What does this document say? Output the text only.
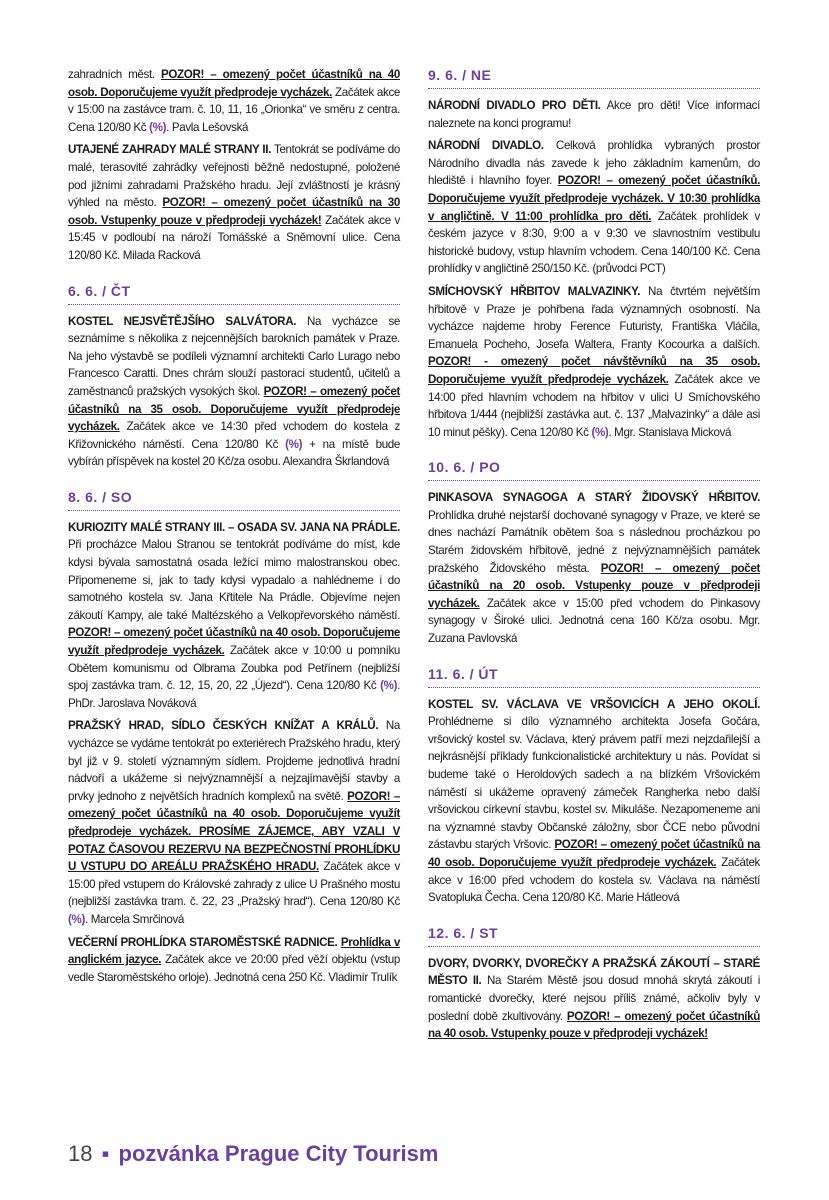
zahradních měst. POZOR! – omezený počet účastníků na 40 osob. Doporučujeme využít předprodeje vycházek. Začátek akce v 15:00 na zastávce tram. č. 10, 11, 16 „Orionka“ ve směru z centra. Cena 120/80 Kč (%). Pavla Lešovská

UTAJENÉ ZAHRADY MALÉ STRANY II. Tentokrát se podíváme do malé, terasovité zahrádky veřejnosti běžně nedostupné, položené pod jižními zahradami Pražského hradu. Její zvláštností je krásný výhled na město. POZOR! – omezený počet účastníků na 30 osob. Vstupenky pouze v předprodeji vycházek! Začátek akce v 15:45 v podloubí na nároží Tomášské a Sněmovní ulice. Cena 120/80 Kč. Milada Racková

6. 6. / ČT

KOSTEL NEJSVĚTĚJŠÍHO SALVÁTORA. Na vycházce se seznámíme s několika z nejcennějších barokních památek v Praze. Na jeho výstavbě se podíleli významní architekti Carlo Lurago nebo Francesco Caratti. Dnes chrám slouží pastoraci studentů, učitelů a zaměstnanců pražských vysokých škol. POZOR! – omezený počet účastníků na 35 osob. Doporučujeme využít předprodeje vycházek. Začátek akce ve 14:30 před vchodem do kostela z Křižovnického náměstí. Cena 120/80 Kč (%) + na místě bude vybírán příspěvek na kostel 20 Kč/za osobu. Alexandra Škrlandová

8. 6. / SO

KURIOZITY MALÉ STRANY III. – OSADA SV. JANA NA PRÁDLE. Při procházce Malou Stranou se tentokrát podíváme do míst, kde kdysi bývala samostatná osada ležící mimo malostranskou obec. Připomeneme si, jak to tady kdysi vypadalo a nahlédneme i do samotného kostela sv. Jana Křtitele Na Prádle. Objevíme nejen zákoutí Kampy, ale také Maltézského a Velkopřevorského náměstí. POZOR! – omezený počet účastníků na 40 osob. Doporučujeme využít předprodeje vycházek. Začátek akce v 10:00 u pomníku Obětem komunismu od Olbrama Zoubka pod Petřínem (nejbližší spoj zastávka tram. č. 12, 15, 20, 22 „Újezd“). Cena 120/80 Kč (%). PhDr. Jaroslava Nováková

PRAŽSKÝ HRAD, SÍDLO ČESKÝCH KNÍŽAT A KRÁLŮ. Na vycházce se vydáme tentokrát po exteriérech Pražského hradu, který byl již v 9. století významným sídlem. Projdeme jednotlivá hradní nádvoří a ukážeme si nejvýznamnější a nejzajímavější stavby a prvky jednoho z největších hradních komplexů na světě. POZOR! – omezený počet účastníků na 40 osob. Doporučujeme využít předprodeje vycházek. PROSÍME ZÁJEMCE, ABY VZALI V POTAZ ČASOVOU REZERVU NA BEZPEČNOSTNÍ PROHLÍDKU U VSTUPU DO AREÁLU PRAŽSKÉHO HRADU. Začátek akce v 15:00 před vstupem do Královské zahrady z ulice U Prašného mostu (nejbližší zastávka tram. č. 22, 23 „Pražský hrad“). Cena 120/80 Kč (%). Marcela Smrčinová

VEČERNÍ PROHLÍDKA STAROMĚSTSKÉ RADNICE. Prohlídka v anglickém jazyce. Začátek akce ve 20:00 před věží objektu (vstup vedle Staroměstského orloje). Jednotná cena 250 Kč. Vladimír Trulík

9. 6. / NE

NÁRODNÍ DIVADLO PRO DĚTI. Akce pro děti! Více informací naleznete na konci programu!

NÁRODNÍ DIVADLO. Celková prohlídka vybraných prostor Národního divadla nás zavede k jeho základním kamenům, do hlediště i hlavního foyer. POZOR! – omezený počet účastníků. Doporučujeme využít předprodeje vycházek. V 10:30 prohlídka v angličtině. V 11:00 prohlídka pro děti. Začátek prohlídek v českém jazyce v 8:30, 9:00 a v 9:30 ve slavnostním vestibulu historické budovy, vstup hlavním vchodem. Cena 140/100 Kč. Cena prohlídky v angličtině 250/150 Kč. (průvodci PCT)

SMÍCHOVSKÝ HŘBITOV MALVAZINKY. Na čtvrtém největším hřbitově v Praze je pohřbena řada významných osobností. Na vycházce najdeme hroby Ference Futuristy, Františka Vláčila, Emanuela Pocheho, Josefa Waltera, Franty Kocourka a dalších. POZOR! - omezený počet návštěvníků na 35 osob. Doporučujeme využít předprodeje vycházek. Začátek akce ve 14:00 před hlavním vchodem na hřbitov v ulici U Smíchovského hřbitova 1/444 (nejbližší zastávka aut. č. 137 „Malvazinky“ a dále asi 10 minut pěšky). Cena 120/80 Kč (%). Mgr. Stanislava Micková

10. 6. / PO

PINKASOVA SYNAGOGA A STARÝ ŽIDOVSKÝ HŘBITOV. Prohlídka druhé nejstarší dochované synagogy v Praze, ve které se dnes nachází Památník obětem šoa s následnou procházkou po Starém židovském hřbitově, jedné z nejvýznamnějších památek pražského Židovského města. POZOR! – omezený počet účastníků na 20 osob. Vstupenky pouze v předprodeji vycházek. Začátek akce v 15:00 před vchodem do Pinkasovy synagogy v Široké ulici. Jednotná cena 160 Kč/za osobu. Mgr. Zuzana Pavlovská

11. 6. / ÚT

KOSTEL SV. VÁCLAVA VE VRŠOVICÍCH A JEHO OKOLÍ. Prohlédneme si dílo významného architekta Josefa Gočára, vršovický kostel sv. Václava, který právem patří mezi nejzdařilejší a nejkrásnější příklady funkcionalistické architektury u nás. Povídat si budeme také o Heroldových sadech a na blízkém Vršovickém náměstí si ukážeme opravený zámeček Rangherka nebo další vršovickou církevní stavbu, kostel sv. Mikuláše. Nezapomeneme ani na významné stavby Občanské záložny, sbor ČCE nebo původní zástavbu starých Vršovic. POZOR! – omezený počet účastníků na 40 osob. Doporučujeme využít předprodeje vycházek. Začátek akce v 16:00 před vchodem do kostela sv. Václava na náměstí Svatopluka Čecha. Cena 120/80 Kč. Marie Hátleová

12. 6. / ST

DVORY, DVORKY, DVOREČKY A PRAŽSKÁ ZÁKOUTÍ – STARÉ MĚSTO II. Na Starém Městě jsou dosud mnohá skrytá zákoutí i romantické dvorečky, které nejsou příliš známé, ačkoliv byly v poslední době zkultivovány. POZOR! – omezený počet účastníků na 40 osob. Vstupenky pouze v předprodeji vycházek!

18 ▪ pozvánka Prague City Tourism
